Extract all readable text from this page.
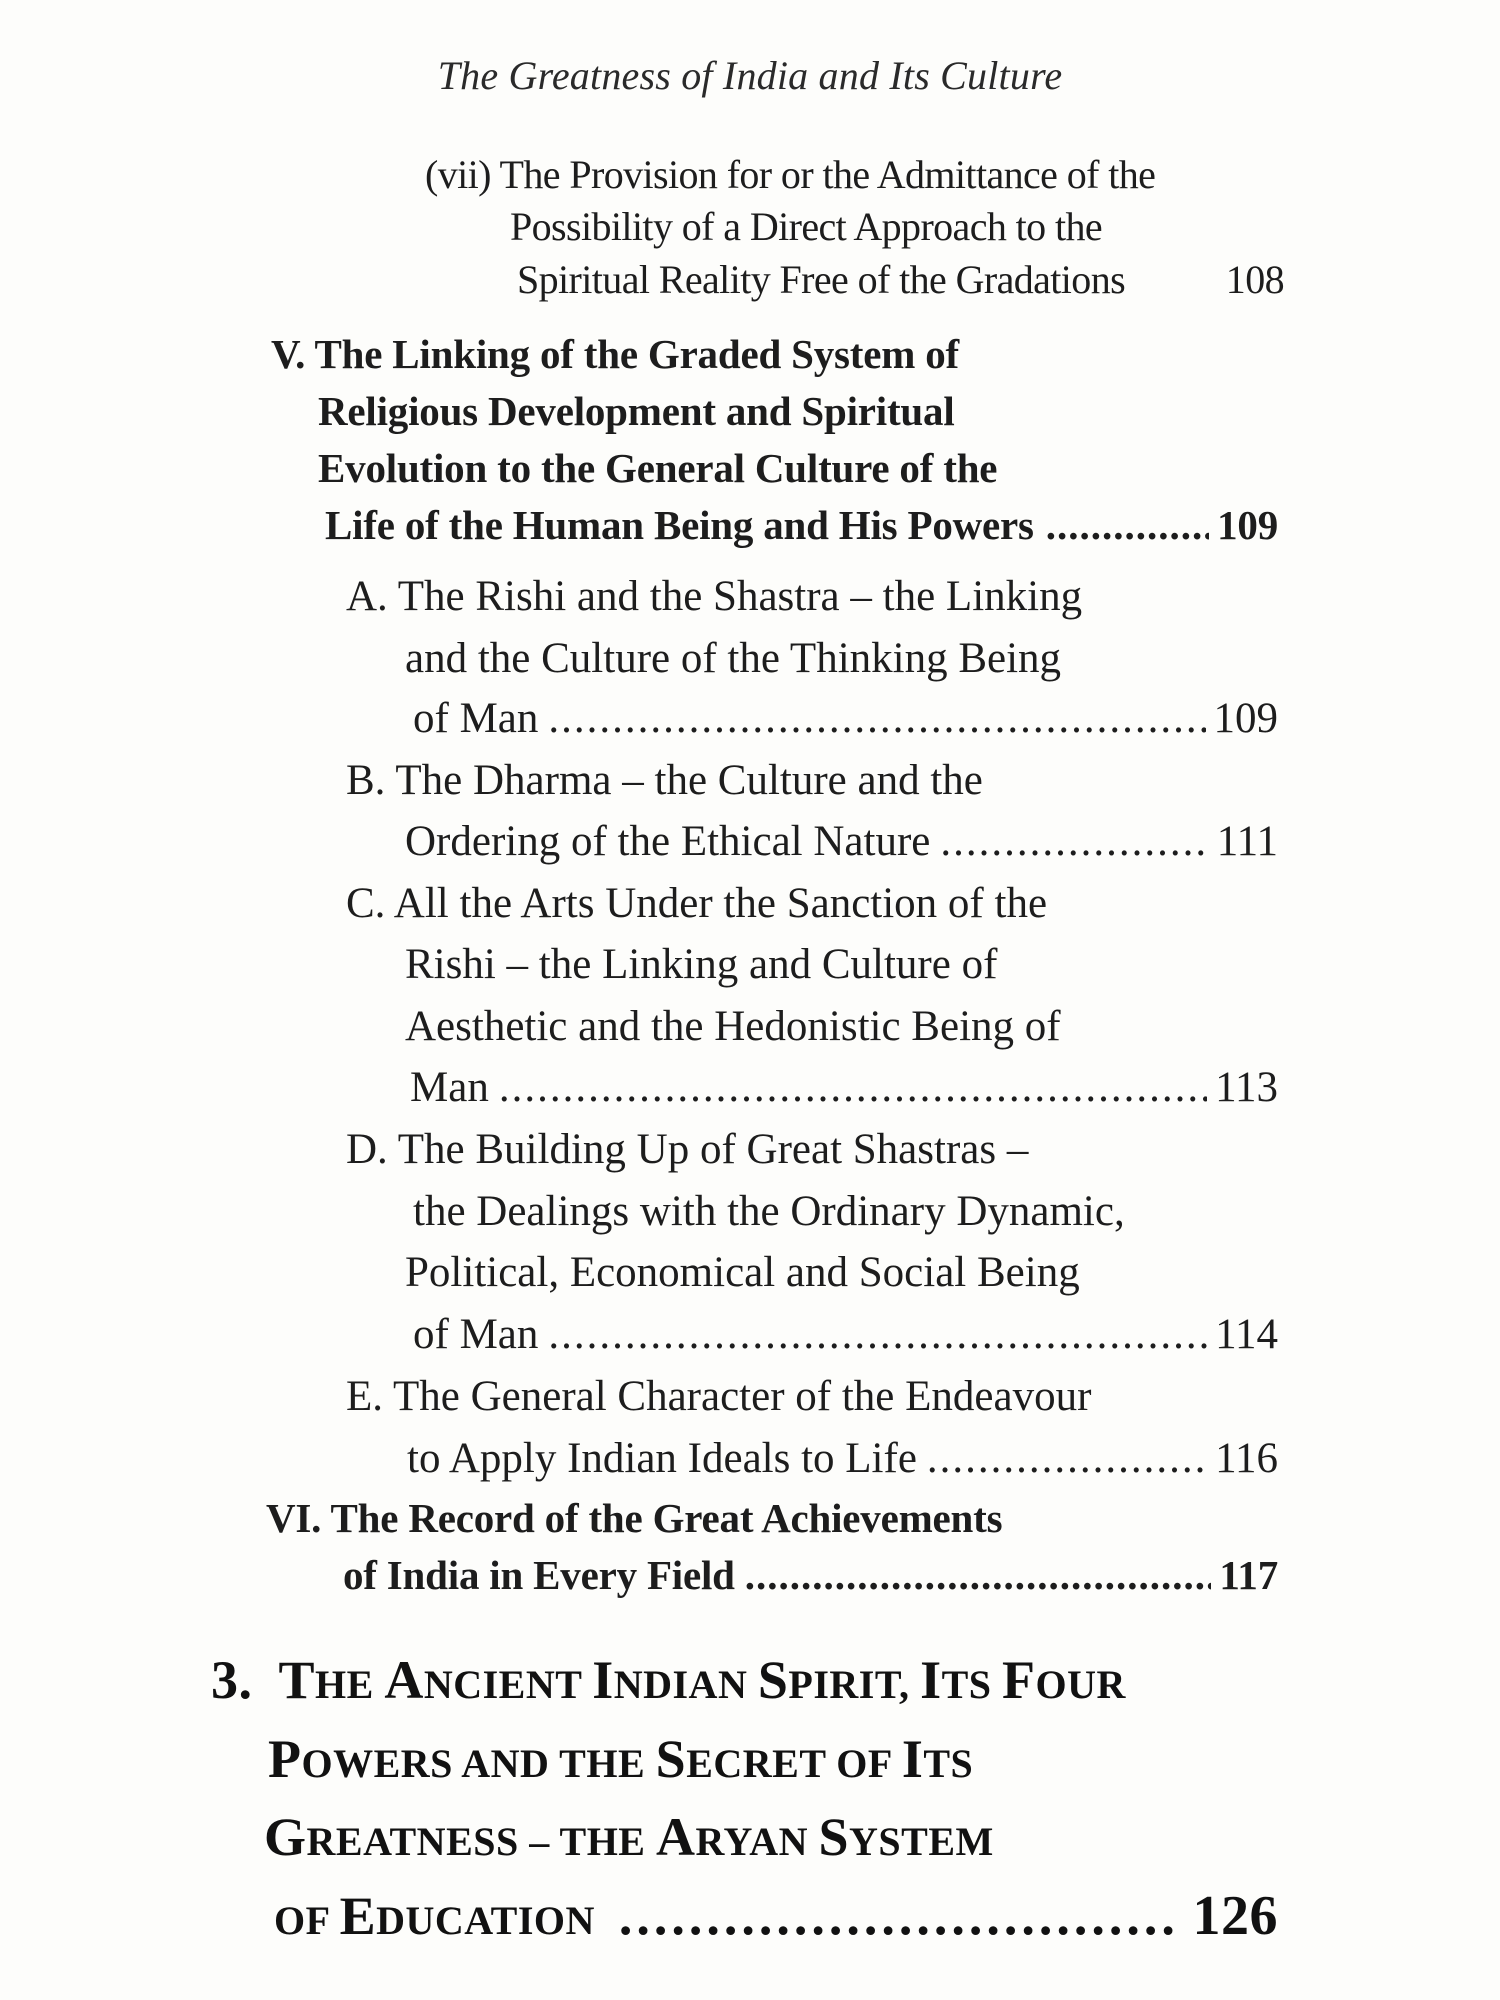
The Greatness of India and Its Culture
(vii) The Provision for or the Admittance of the
Possibility of a Direct Approach to the
Spiritual Reality Free of the Gradations	108
V. The Linking of the Graded System of
Religious Development and Spiritual
Evolution to the General Culture of the
Life of the Human Being and His Powers .....	109
A. The Rishi and the Shastra – the Linking
and the Culture of the Thinking Being
of Man .....	109
B. The Dharma – the Culture and the
Ordering of the Ethical Nature .....	111
C. All the Arts Under the Sanction of the
Rishi – the Linking and Culture of
Aesthetic and the Hedonistic Being of
Man .....	113
D. The Building Up of Great Shastras –
the Dealings with the Ordinary Dynamic,
Political, Economical and Social Being
of Man .....	114
E. The General Character of the Endeavour
to Apply Indian Ideals to Life .....	116
VI. The Record of the Great Achievements
of India in Every Field .....	117
3. THE ANCIENT INDIAN SPIRIT, ITS FOUR
POWERS AND THE SECRET OF ITS
GREATNESS – THE ARYAN SYSTEM
OF EDUCATION .....	126
